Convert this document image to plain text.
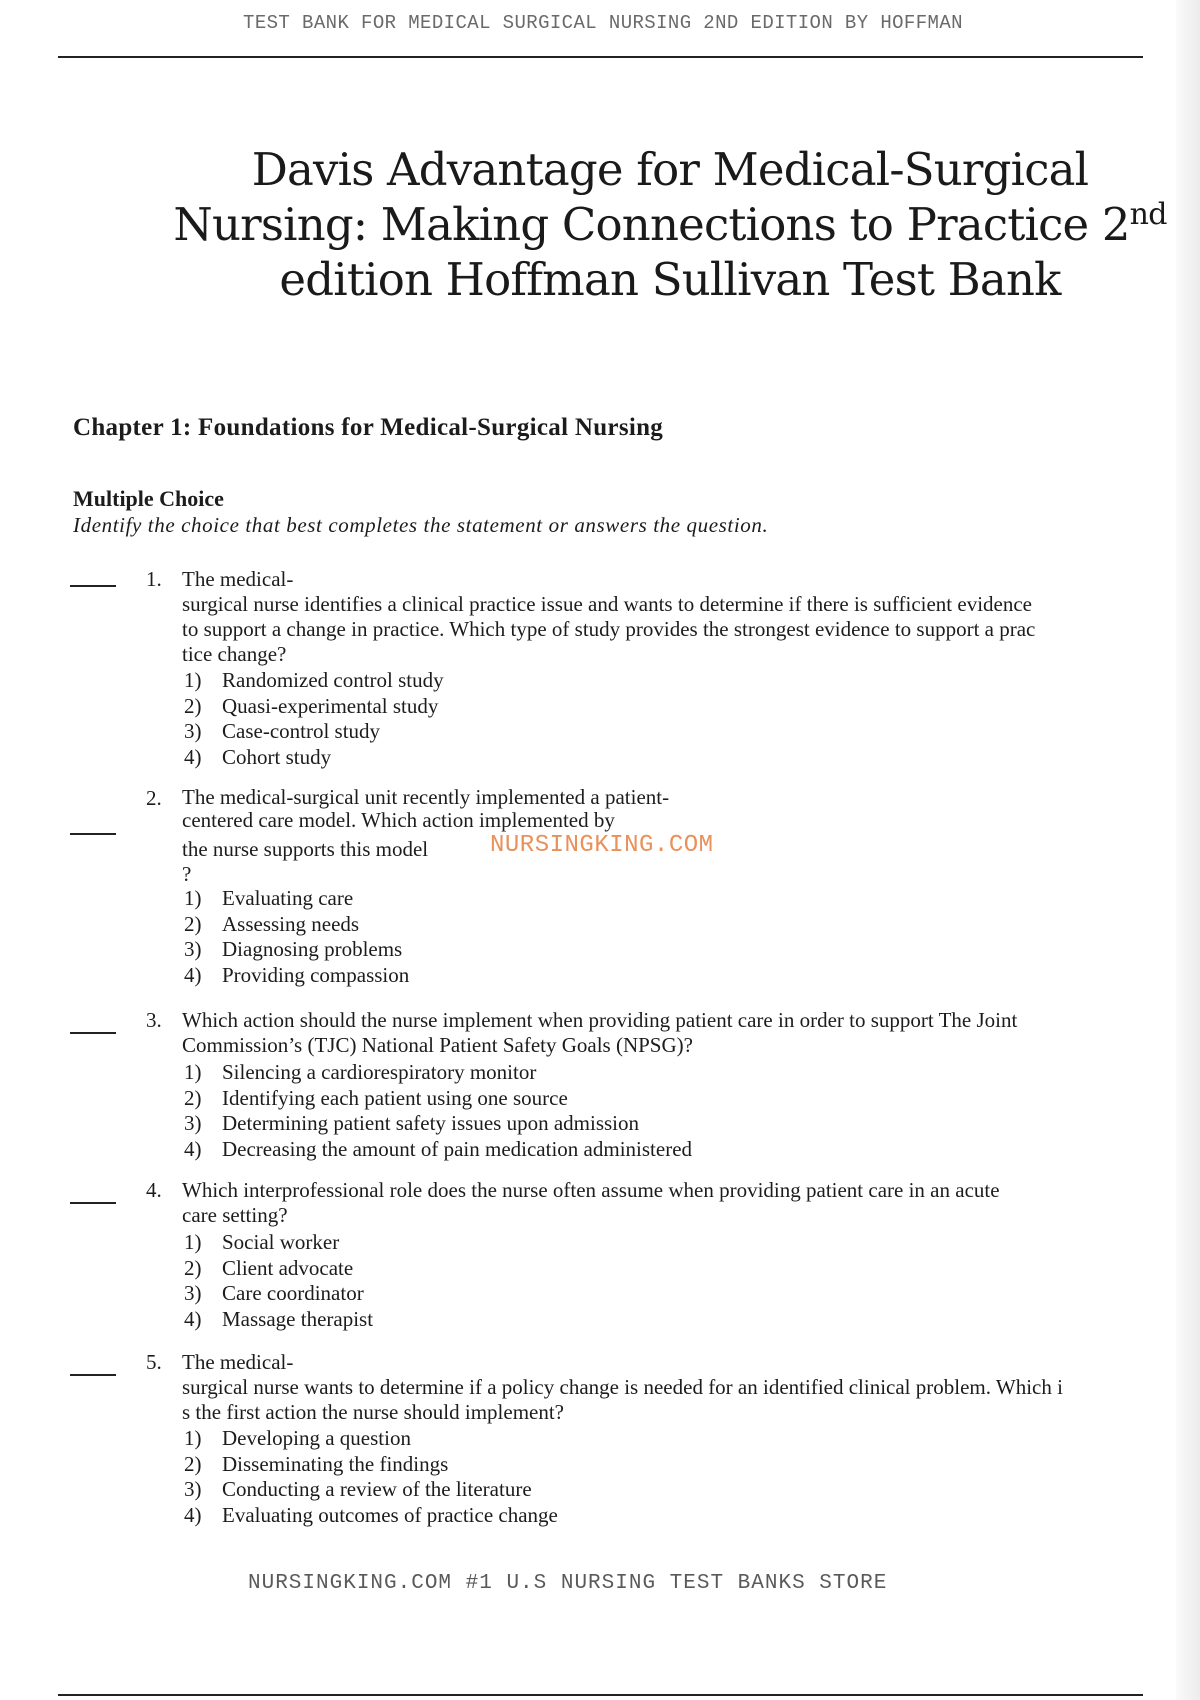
TEST BANK FOR MEDICAL SURGICAL NURSING 2ND EDITION BY HOFFMAN
Davis Advantage for Medical-Surgical
Nursing: Making Connections to Practice 2nd
edition Hoffman Sullivan Test Bank
Chapter 1: Foundations for Medical-Surgical Nursing
Multiple Choice

Identify the choice that best completes the statement or answers the question.

1. The medical-
surgical nurse identifies a clinical practice issue and wants to determine if there is sufficient evidence
to support a change in practice. Which type of study provides the strongest evidence to support a prac
tice change?
1) Randomized control study
2) Quasi-experimental study
3) Case-control study
4) Cohort study
2. The medical-surgical unit recently implemented a patient-
centered care model. Which action implemented by
the nurse supports this model
?
1) Evaluating care
2) Assessing needs
3) Diagnosing problems
4) Providing compassion
NURSINGKING.COM
3. Which action should the nurse implement when providing patient care in order to support The Joint
Commission’s (TJC) National Patient Safety Goals (NPSG)?
1) Silencing a cardiorespiratory monitor
2) Identifying each patient using one source
3) Determining patient safety issues upon admission
4) Decreasing the amount of pain medication administered
4. Which interprofessional role does the nurse often assume when providing patient care in an acute
care setting?
1) Social worker
2) Client advocate
3) Care coordinator
4) Massage therapist
5. The medical-
surgical nurse wants to determine if a policy change is needed for an identified clinical problem. Which i
s the first action the nurse should implement?
1) Developing a question
2) Disseminating the findings
3) Conducting a review of the literature
4) Evaluating outcomes of practice change
NURSINGKING.COM #1 U.S NURSING TEST BANKS STORE
